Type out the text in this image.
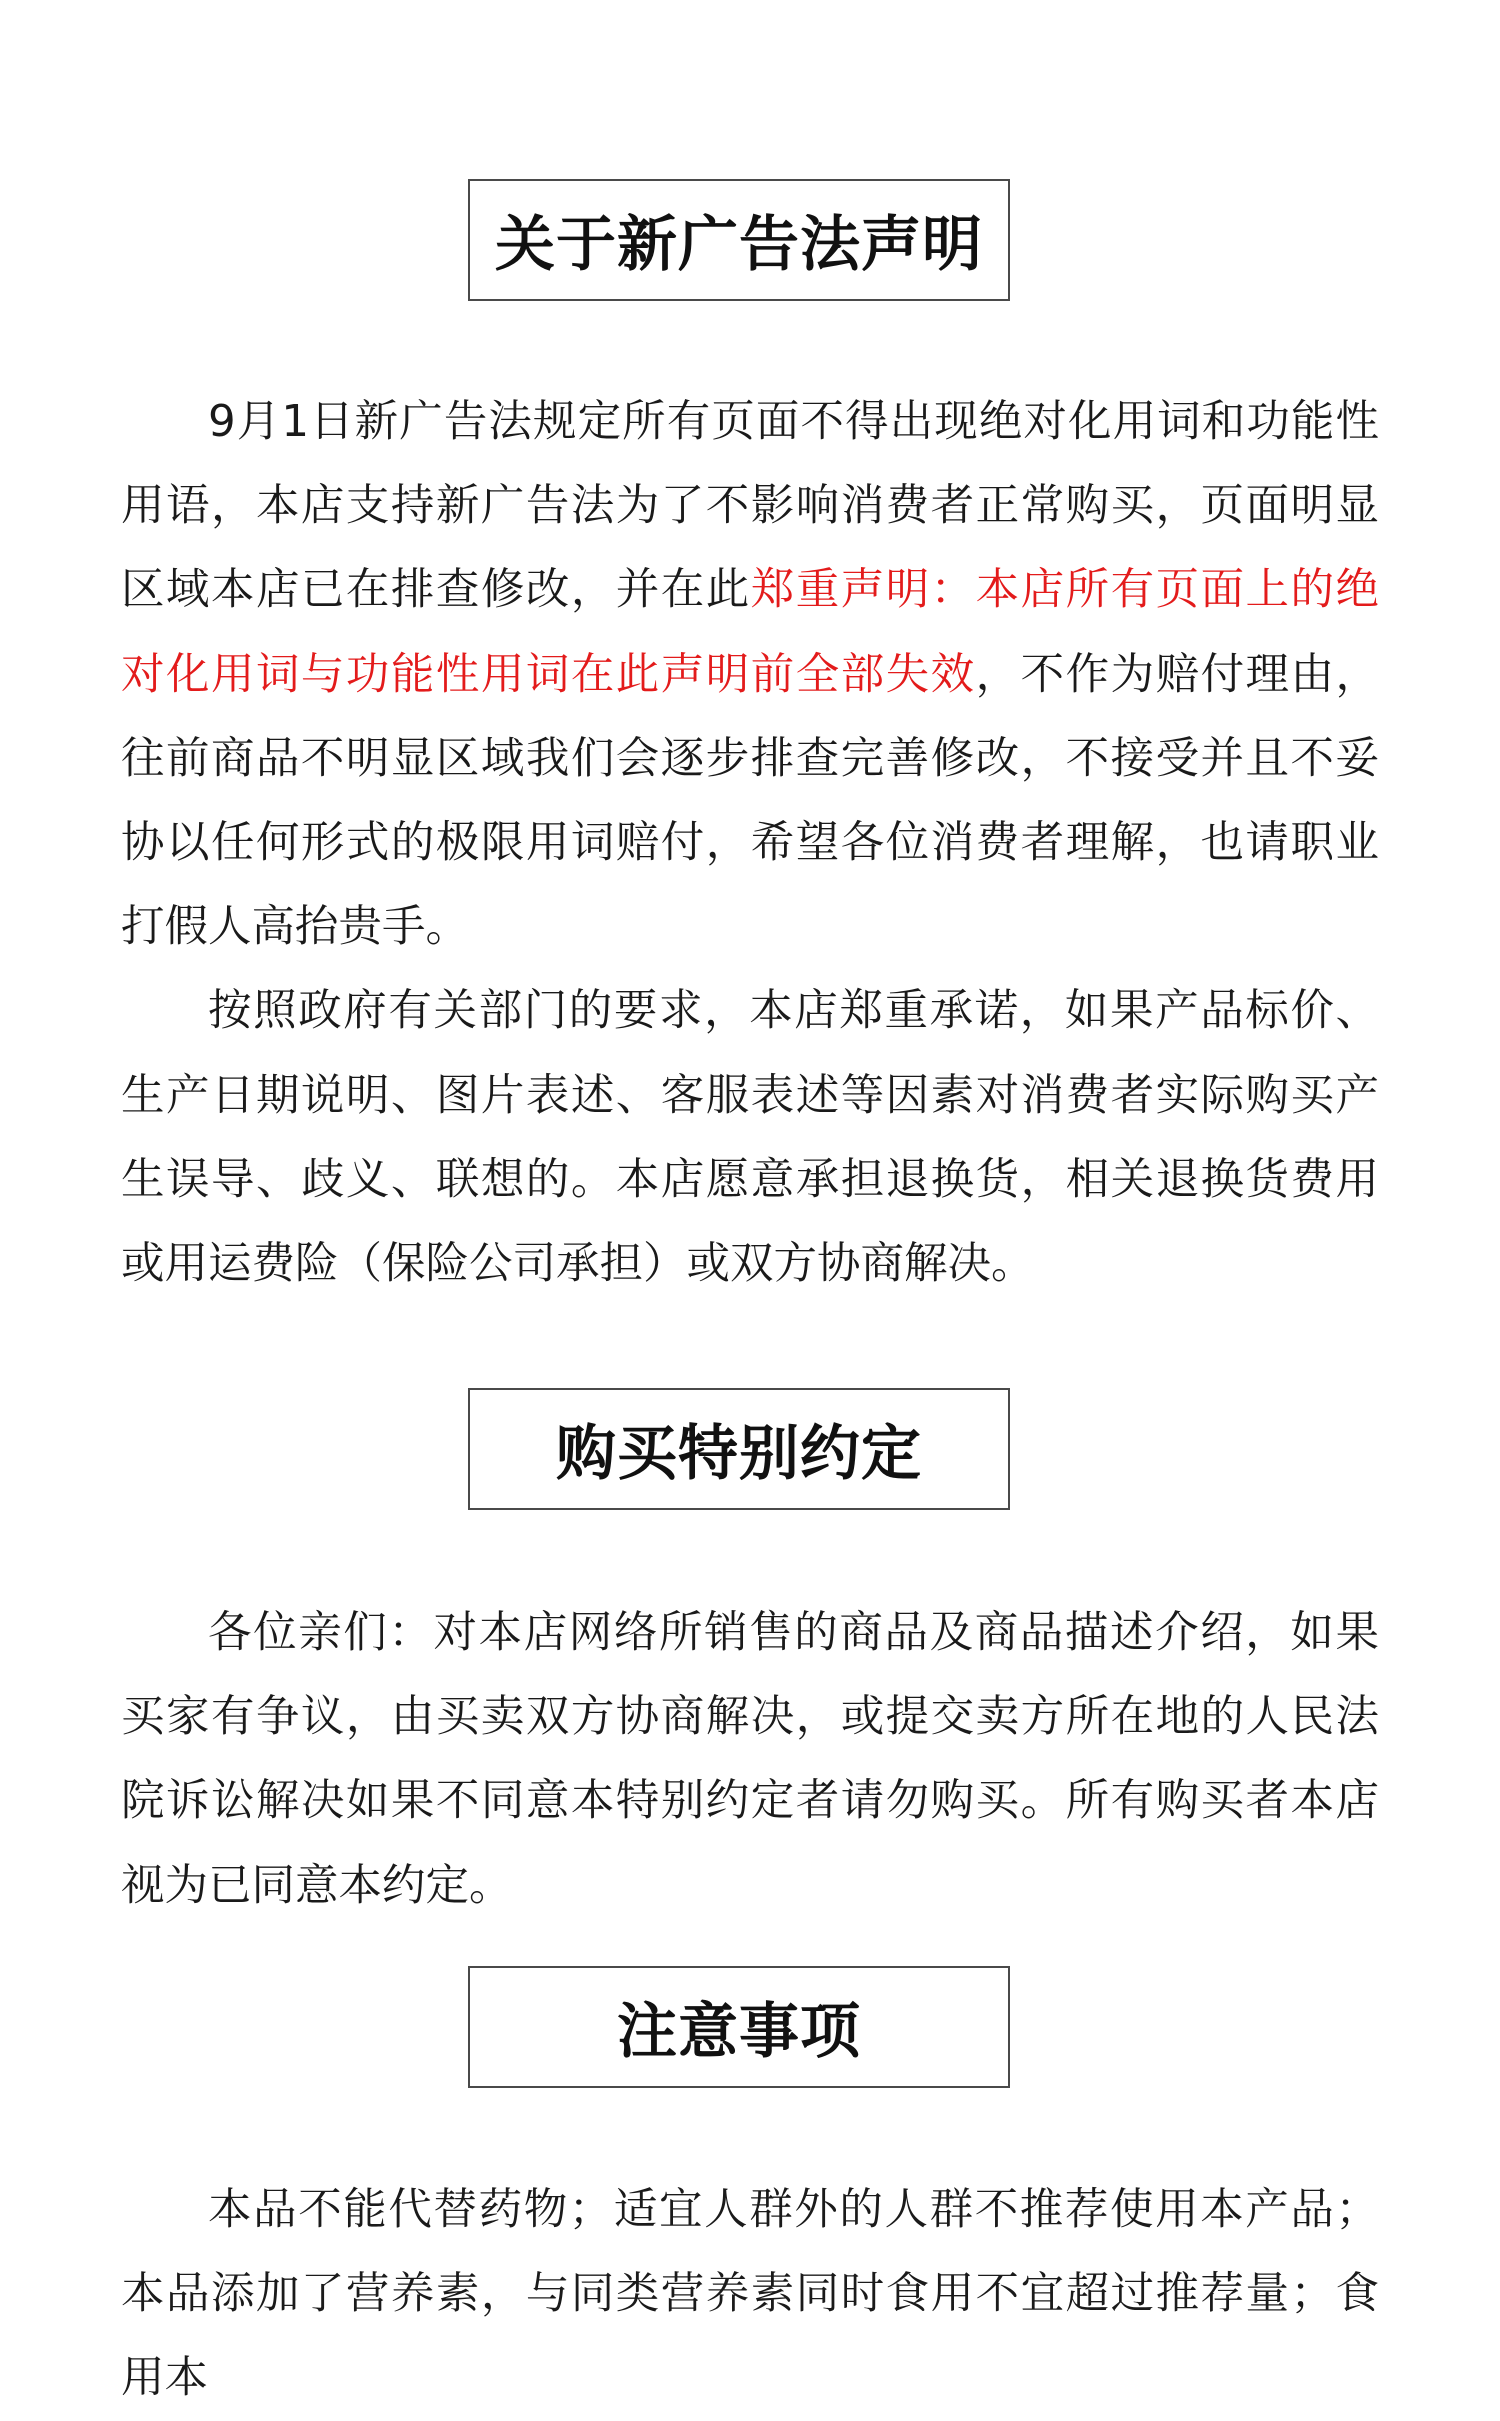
关于新广告法声明

9月1日新广告法规定所有页面不得出现绝对化用词和功能性用语，本店支持新广告法为了不影响消费者正常购买，页面明显区域本店已在排查修改，并在此郑重声明：本店所有页面上的绝对化用词与功能性用词在此声明前全部失效，不作为赔付理由，往前商品不明显区域我们会逐步排查完善修改，不接受并且不妥协以任何形式的极限用词赔付，希望各位消费者理解，也请职业打假人高抬贵手。

按照政府有关部门的要求，本店郑重承诺，如果产品标价、生产日期说明、图片表述、客服表述等因素对消费者实际购买产生误导、歧义、联想的。本店愿意承担退换货，相关退换货费用或用运费险（保险公司承担）或双方协商解决。

购买特别约定

各位亲们：对本店网络所销售的商品及商品描述介绍，如果买家有争议，由买卖双方协商解决，或提交卖方所在地的人民法院诉讼解决如果不同意本特别约定者请勿购买。所有购买者本店视为已同意本约定。

注意事项

本品不能代替药物；适宜人群外的人群不推荐使用本产品；本品添加了营养素，与同类营养素同时食用不宜超过推荐量；食用本
